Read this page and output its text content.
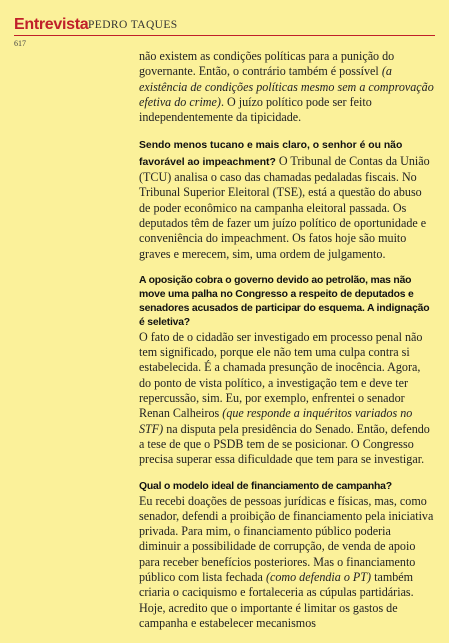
Entrevista PEDRO TAQUES
617

não existem as condições políticas para a punição do governante. Então, o contrário também é possível (a existência de condições políticas mesmo sem a comprovação efetiva do crime). O juízo político pode ser feito independentemente da tipicidade.

Sendo menos tucano e mais claro, o senhor é ou não favorável ao impeachment? O Tribunal de Contas da União (TCU) analisa o caso das chamadas pedaladas fiscais. No Tribunal Superior Eleitoral (TSE), está a questão do abuso de poder econômico na campanha eleitoral passada. Os deputados têm de fazer um juízo político de oportunidade e conveniência do impeachment. Os fatos hoje são muito graves e merecem, sim, uma ordem de julgamento.

A oposição cobra o governo devido ao petrolão, mas não move uma palha no Congresso a respeito de deputados e senadores acusados de participar do esquema. A indignação é seletiva?

O fato de o cidadão ser investigado em processo penal não tem significado, porque ele não tem uma culpa contra si estabelecida. É a chamada presunção de inocência. Agora, do ponto de vista político, a investigação tem e deve ter repercussão, sim. Eu, por exemplo, enfrentei o senador Renan Calheiros (que responde a inquéritos variados no STF) na disputa pela presidência do Senado. Então, defendo a tese de que o PSDB tem de se posicionar. O Congresso precisa superar essa dificuldade que tem para se investigar.

Qual o modelo ideal de financiamento de campanha?

Eu recebi doações de pessoas jurídicas e físicas, mas, como senador, defendi a proibição de financiamento pela iniciativa privada. Para mim, o financiamento público poderia diminuir a possibilidade de corrupção, de venda de apoio para receber benefícios posteriores. Mas o financiamento público com lista fechada (como defendia o PT) também criaria o caciquismo e fortaleceria as cúpulas partidárias. Hoje, acredito que o importante é limitar os gastos de campanha e estabelecer mecanismos
